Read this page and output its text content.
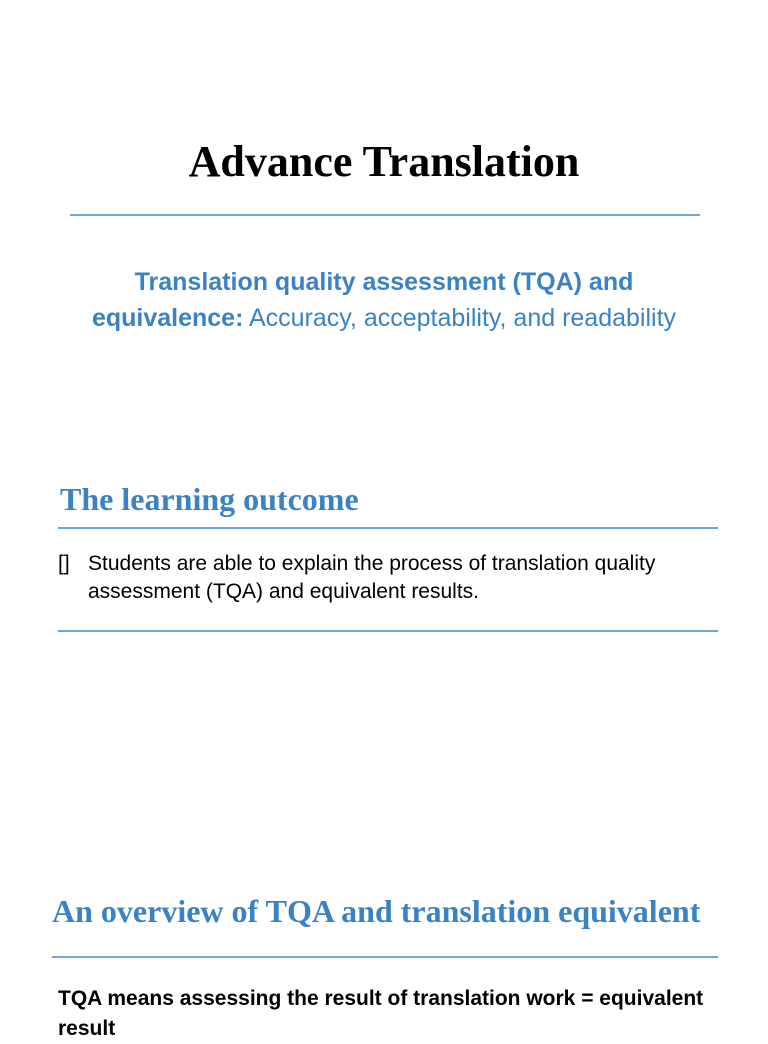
Advance Translation

Translation quality assessment (TQA) and
equivalence: Accuracy, acceptability, and readability

The learning outcome
[] Students are able to explain the process of translation quality assessment (TQA) and equivalent results.
An overview of TQA and translation equivalent

TQA means assessing the result of translation work = equivalent result
